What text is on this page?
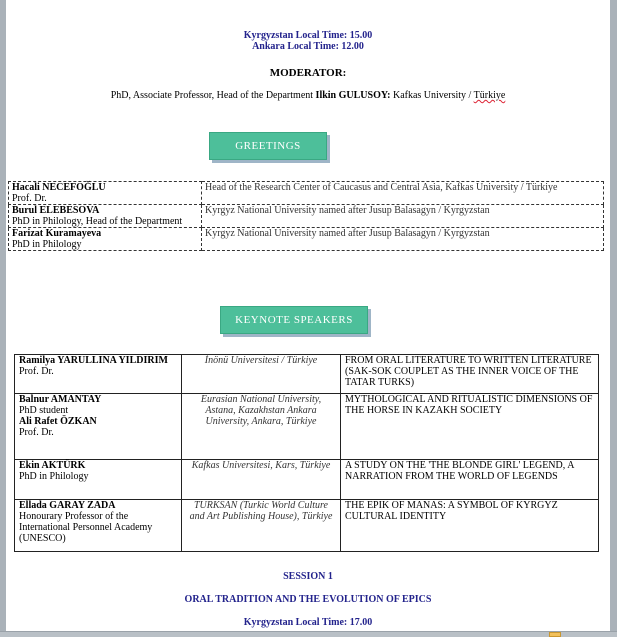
Kyrgyzstan Local Time: 15.00
Ankara Local Time: 12.00
MODERATOR:
PhD, Associate Professor, Head of the Department Ilkin GULUSOY: Kafkas University / Türkiye
GREETINGS
Hacali NECEFOĞLU
Prof. Dr.	Head of the Research Center of Caucasus and Central Asia, Kafkas University / Türkiye

Burul ELEBESOVA
PhD in Philology, Head of the Department	Kyrgyz National University named after Jusup Balasagyn / Kyrgyzstan

Farizat Kuramayeva
PhD in Philology	Kyrgyz National University named after Jusup Balasagyn / Kyrgyzstan
KEYNOTE SPEAKERS
Ramilya YARULLINA YILDIRIM
Prof. Dr.	İnönü Universitesi / Türkiye	FROM ORAL LITERATURE TO WRITTEN LITERATURE (SAK-SOK COUPLET AS THE INNER VOICE OF THE TATAR TURKS)

Balnur AMANTAY
PhD student
Ali Rafet ÖZKAN
Prof. Dr.	Eurasian National University, Astana, Kazakhstan Ankara University, Ankara, Türkiye	MYTHOLOGICAL AND RITUALISTIC DIMENSIONS OF THE HORSE IN KAZAKH SOCIETY

Ekin AKTÜRK
PhD in Philology	Kafkas Universitesi, Kars, Türkiye	A STUDY ON THE 'THE BLONDE GIRL' LEGEND, A NARRATION FROM THE WORLD OF LEGENDS

Ellada GARAY ZADA
Honourary Professor of the International Personnel Academy (UNESCO)	TURKSAN (Turkic World Culture and Art Publishing House), Türkiye	THE EPIK OF MANAS: A SYMBOL OF KYRGYZ CULTURAL IDENTITY
SESSION 1
ORAL TRADITION AND THE EVOLUTION OF EPICS
Kyrgyzstan Local Time: 17.00
